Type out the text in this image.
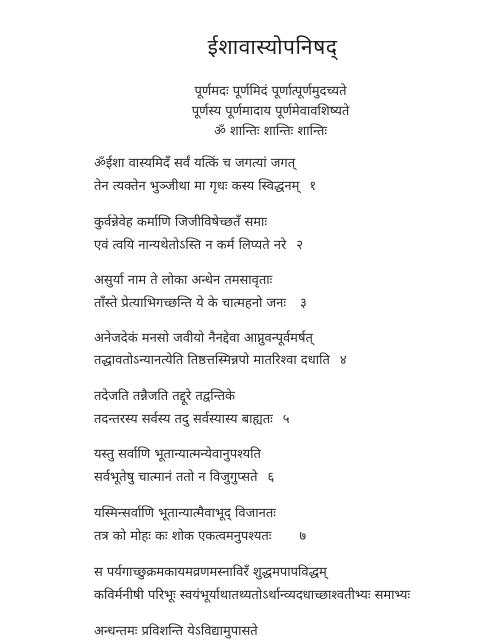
ईशावास्योपनिषद्
पूर्णमदः पूर्णमिदं पूर्णात्पूर्णमुदच्यते
पूर्णस्य पूर्णमादाय पूर्णमेवावशिष्यते
ॐ शान्तिः शान्तिः शान्तिः
ॐईशा वास्यमिदँ सर्वं यत्किं च जगत्यां जगत्
तेन त्यक्तेन भुञ्जीथा मा गृधः कस्य स्विद्धनम् १
कुर्वन्नेवेह कर्माणि जिजीविषेच्छतँ समाः
एवं त्वयि नान्यथेतोऽस्ति न कर्म लिप्यते नरे २
असुर्या नाम ते लोका अन्धेन तमसावृताः
ताँस्ते प्रेत्याभिगच्छन्ति ये के चात्महनो जनः ३
अनेजदेकं मनसो जवीयो नैनद्देवा आप्नुवन्पूर्वमर्षत्
तद्धावतोऽन्यानत्येति तिष्ठत्तस्मिन्नपो मातरिश्वा दधाति ४
तदेजति तन्नैजति तद्दूरे तद्वन्तिके
तदन्तरस्य सर्वस्य तदु सर्वस्यास्य बाह्यतः ५
यस्तु सर्वाणि भूतान्यात्मन्येवानुपश्यति
सर्वभूतेषु चात्मानं ततो न विजुगुप्सते ६
यस्मिन्सर्वाणि भूतान्यात्मैवाभूद् विजानतः
तत्र को मोहः कः शोक एकत्वमनुपश्यतः ७
स पर्यगाच्छुक्रमकायमव्रणमस्नाविरँ शुद्धमपापविद्धम्
कविर्मनीषी परिभूः स्वयंभूर्याथातथ्यतोऽर्थान्व्यदधाच्छाश्वतीभ्यः समाभ्यः
अन्धन्तमः प्रविशन्ति येऽविद्यामुपासते
